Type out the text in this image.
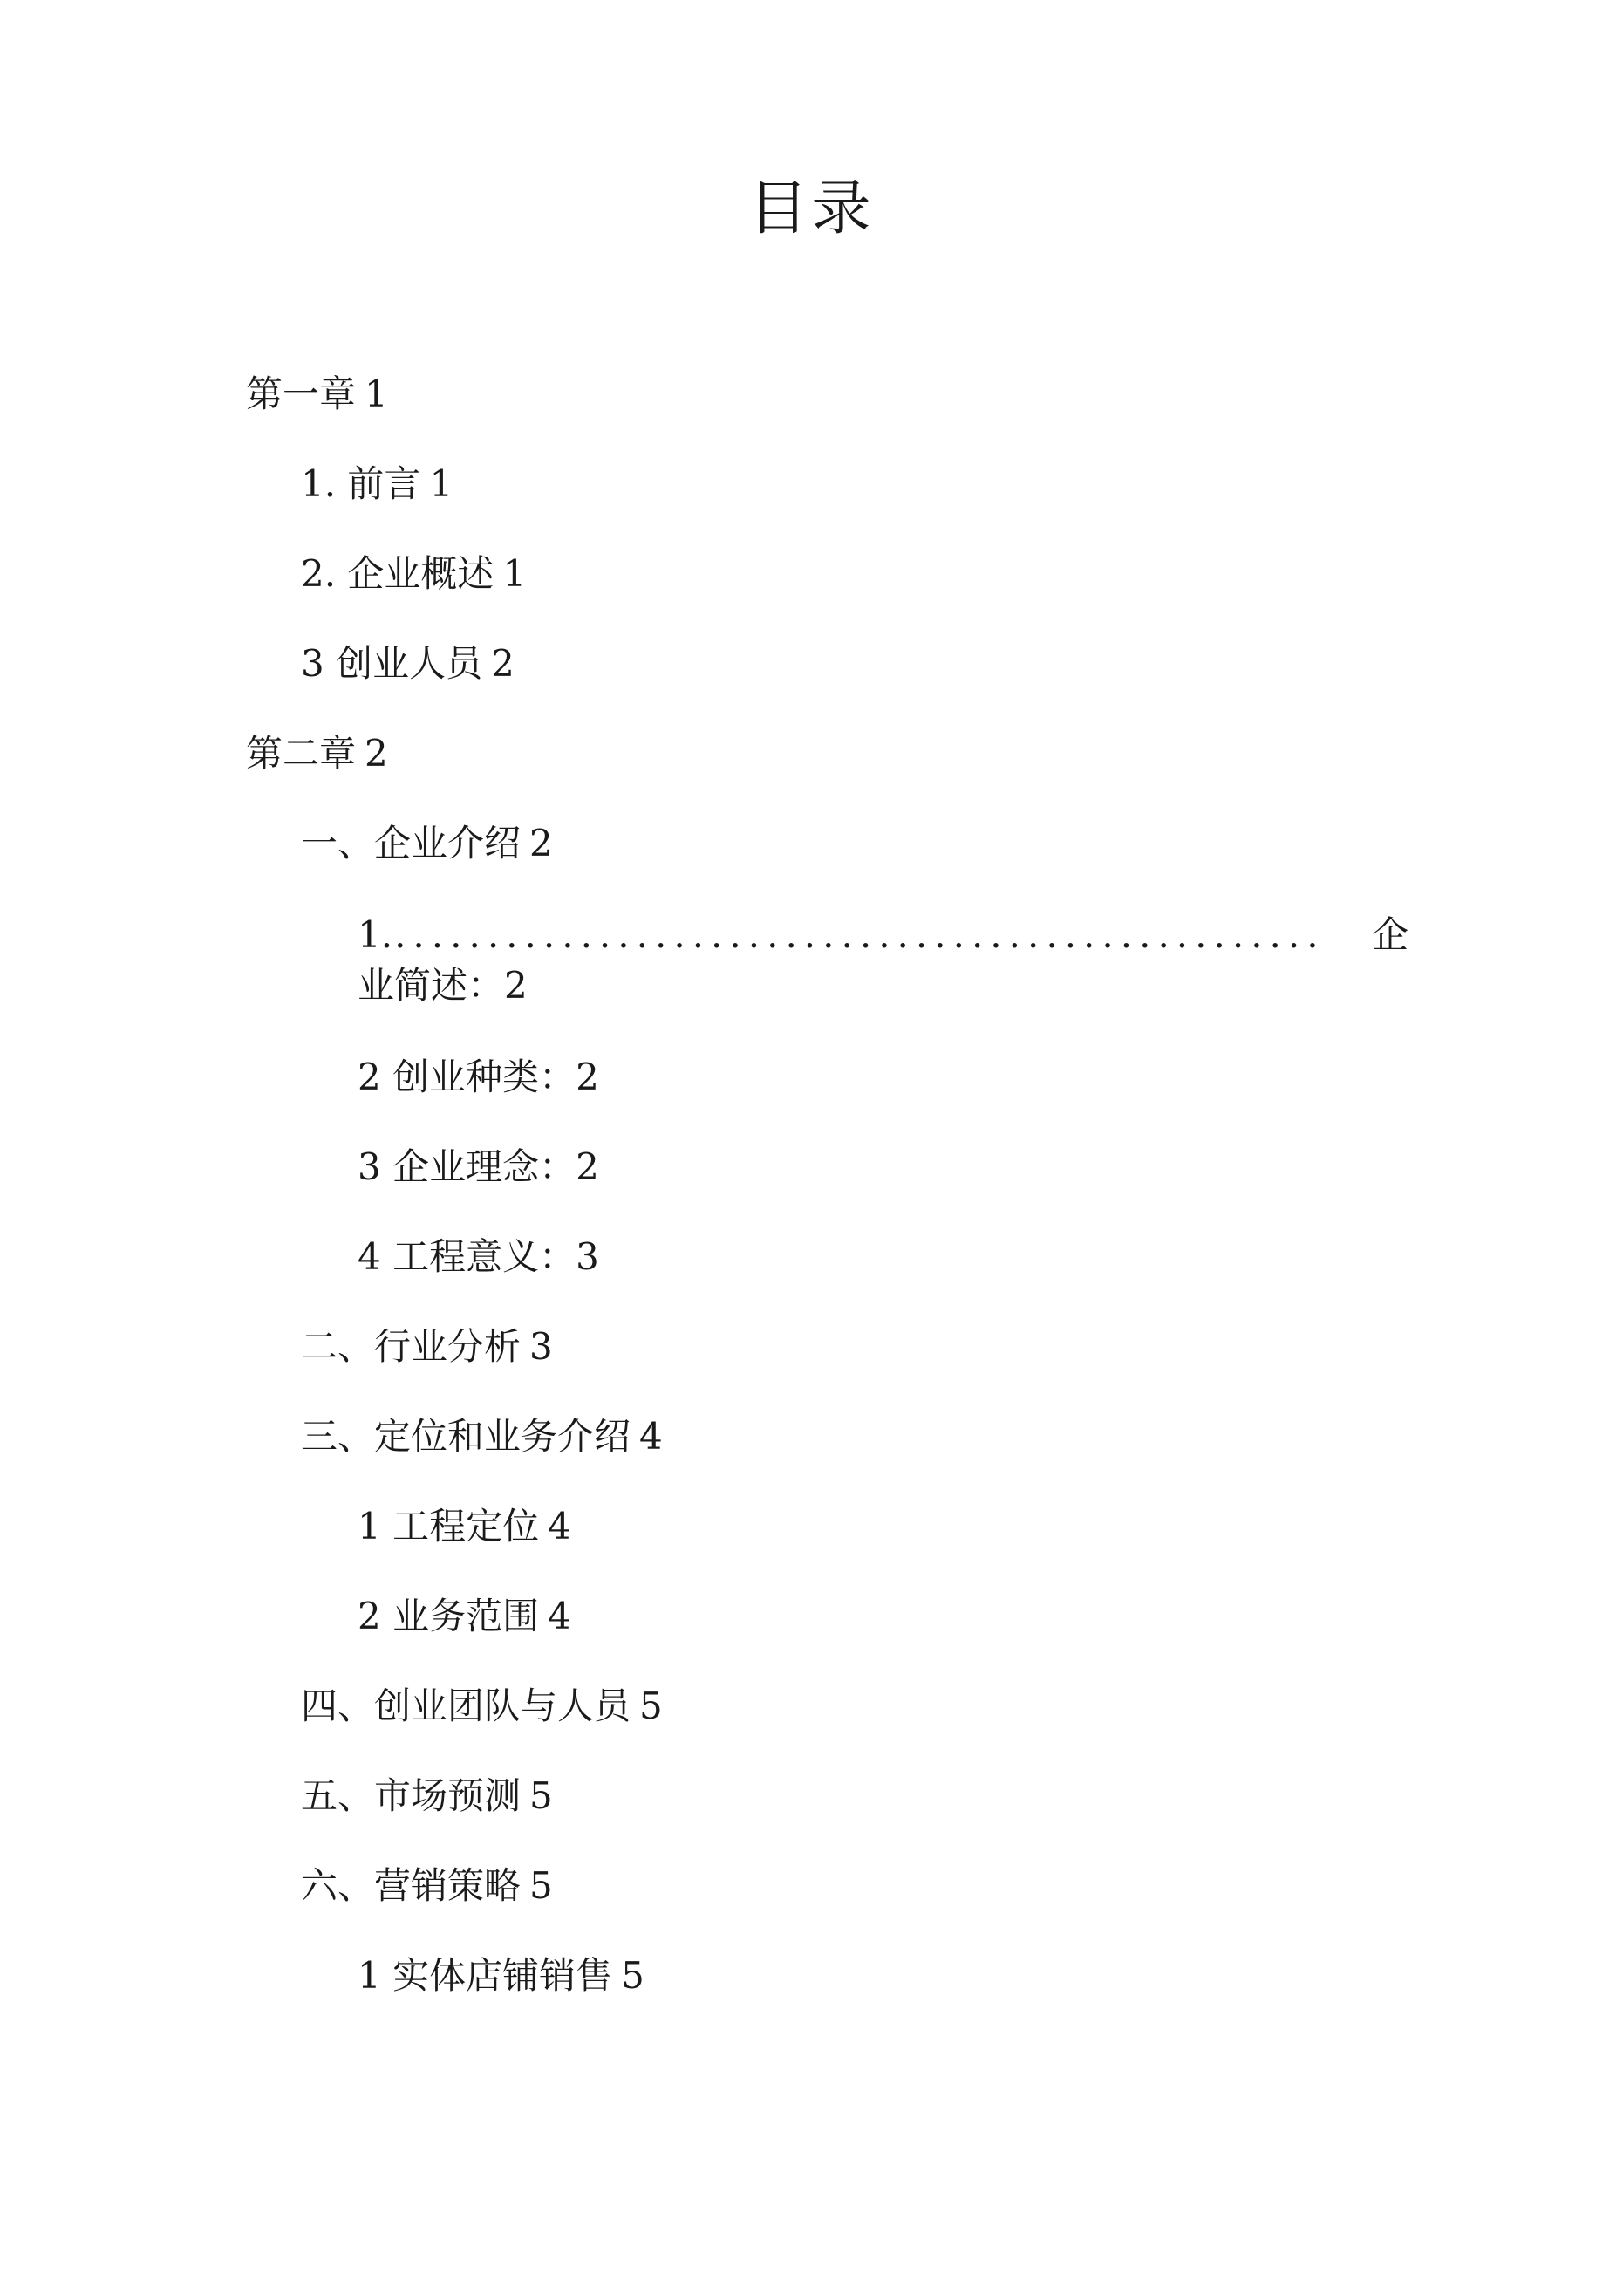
目录
第一章 1
1. 前言 1
2. 企业概述 1
3 创业人员 2
第二章 2
一、企业介绍 2
1. ..................................................	企
业简述：2
2 创业种类：2
3 企业理念：2
4 工程意义：3
二、行业分析 3
三、定位和业务介绍 4
1 工程定位 4
2 业务范围 4
四、创业团队与人员 5
五、市场预测 5
六、营销策略 5
1 实体店铺销售 5
